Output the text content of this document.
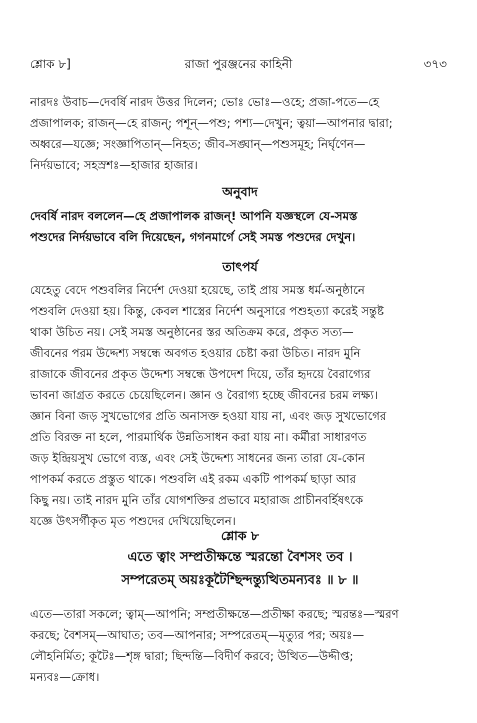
শ্লোক ৮]	রাজা পুরঞ্জনের কাহিনী	৩৭৩
নারদঃ উবাচ—দেবর্ষি নারদ উত্তর দিলেন; ভোঃ ভোঃ—ওহে; প্রজা-পতে—হে
প্রজাপালক; রাজন্—হে রাজন্; পশূন্—পশু; পশ্য—দেখুন; ত্বয়া—আপনার দ্বারা;
অধ্বরে—যজ্ঞে; সংজ্ঞাপিতান্—নিহত; জীব-সঙ্ঘান্—পশুসমূহ; নির্ঘৃণেন—
নির্দয়ভাবে; সহস্রশঃ—হাজার হাজার।
অনুবাদ
দেবর্ষি নারদ বললেন—হে প্রজাপালক রাজন্! আপনি যজ্ঞস্থলে যে-সমস্ত
পশুদের নির্দয়ভাবে বলি দিয়েছেন, গগনমার্গে সেই সমস্ত পশুদের দেখুন।
তাৎপর্য
যেহেতু বেদে পশুবলির নির্দেশ দেওয়া হয়েছে, তাই প্রায় সমস্ত ধর্ম-অনুষ্ঠানে
পশুবলি দেওয়া হয়। কিন্তু, কেবল শাস্ত্রের নির্দেশ অনুসারে পশুহত্যা করেই সন্তুষ্ট
থাকা উচিত নয়। সেই সমস্ত অনুষ্ঠানের স্তর অতিক্রম করে, প্রকৃত সত্য—
জীবনের পরম উদ্দেশ্য সম্বন্ধে অবগত হওয়ার চেষ্টা করা উচিত। নারদ মুনি
রাজাকে জীবনের প্রকৃত উদ্দেশ্য সম্বন্ধে উপদেশ দিয়ে, তাঁর হৃদয়ে বৈরাগ্যের
ভাবনা জাগ্রত করতে চেয়েছিলেন। জ্ঞান ও বৈরাগ্য হচ্ছে জীবনের চরম লক্ষ্য।
জ্ঞান বিনা জড় সুখভোগের প্রতি অনাসক্ত হওয়া যায় না, এবং জড় সুখভোগের
প্রতি বিরক্ত না হলে, পারমার্থিক উন্নতিসাধন করা যায় না। কর্মীরা সাধারণত
জড় ইন্দ্রিয়সুখ ভোগে ব্যস্ত, এবং সেই উদ্দেশ্য সাধনের জন্য তারা যে-কোন
পাপকর্ম করতে প্রস্তুত থাকে। পশুবলি এই রকম একটি পাপকর্ম ছাড়া আর
কিছু নয়। তাই নারদ মুনি তাঁর যোগশক্তির প্রভাবে মহারাজ প্রাচীনবর্হিষৎকে
যজ্ঞে উৎসর্গীকৃত মৃত পশুদের দেখিয়েছিলেন।
শ্লোক ৮
এতে ত্বাং সম্প্রতীক্ষন্তে স্মরন্তো বৈশসং তব ।
সম্পরেতম্ অয়ঃকূটৈশ্ছিন্দন্ত্যুত্থিতমন্যবঃ ॥ ৮ ॥
এতে—তারা সকলে; ত্বাম্—আপনি; সম্প্রতীক্ষন্তে—প্রতীক্ষা করছে; স্মরন্তঃ—স্মরণ
করছে; বৈশসম্—আঘাত; তব—আপনার; সম্পরেতম্—মৃত্যুর পর; অয়ঃ—
লৌহনির্মিত; কূটৈঃ—শৃঙ্গ দ্বারা; ছিন্দন্তি—বিদীর্ণ করবে; উত্থিত—উদ্দীপ্ত;
মন্যবঃ—ক্রোধ।
